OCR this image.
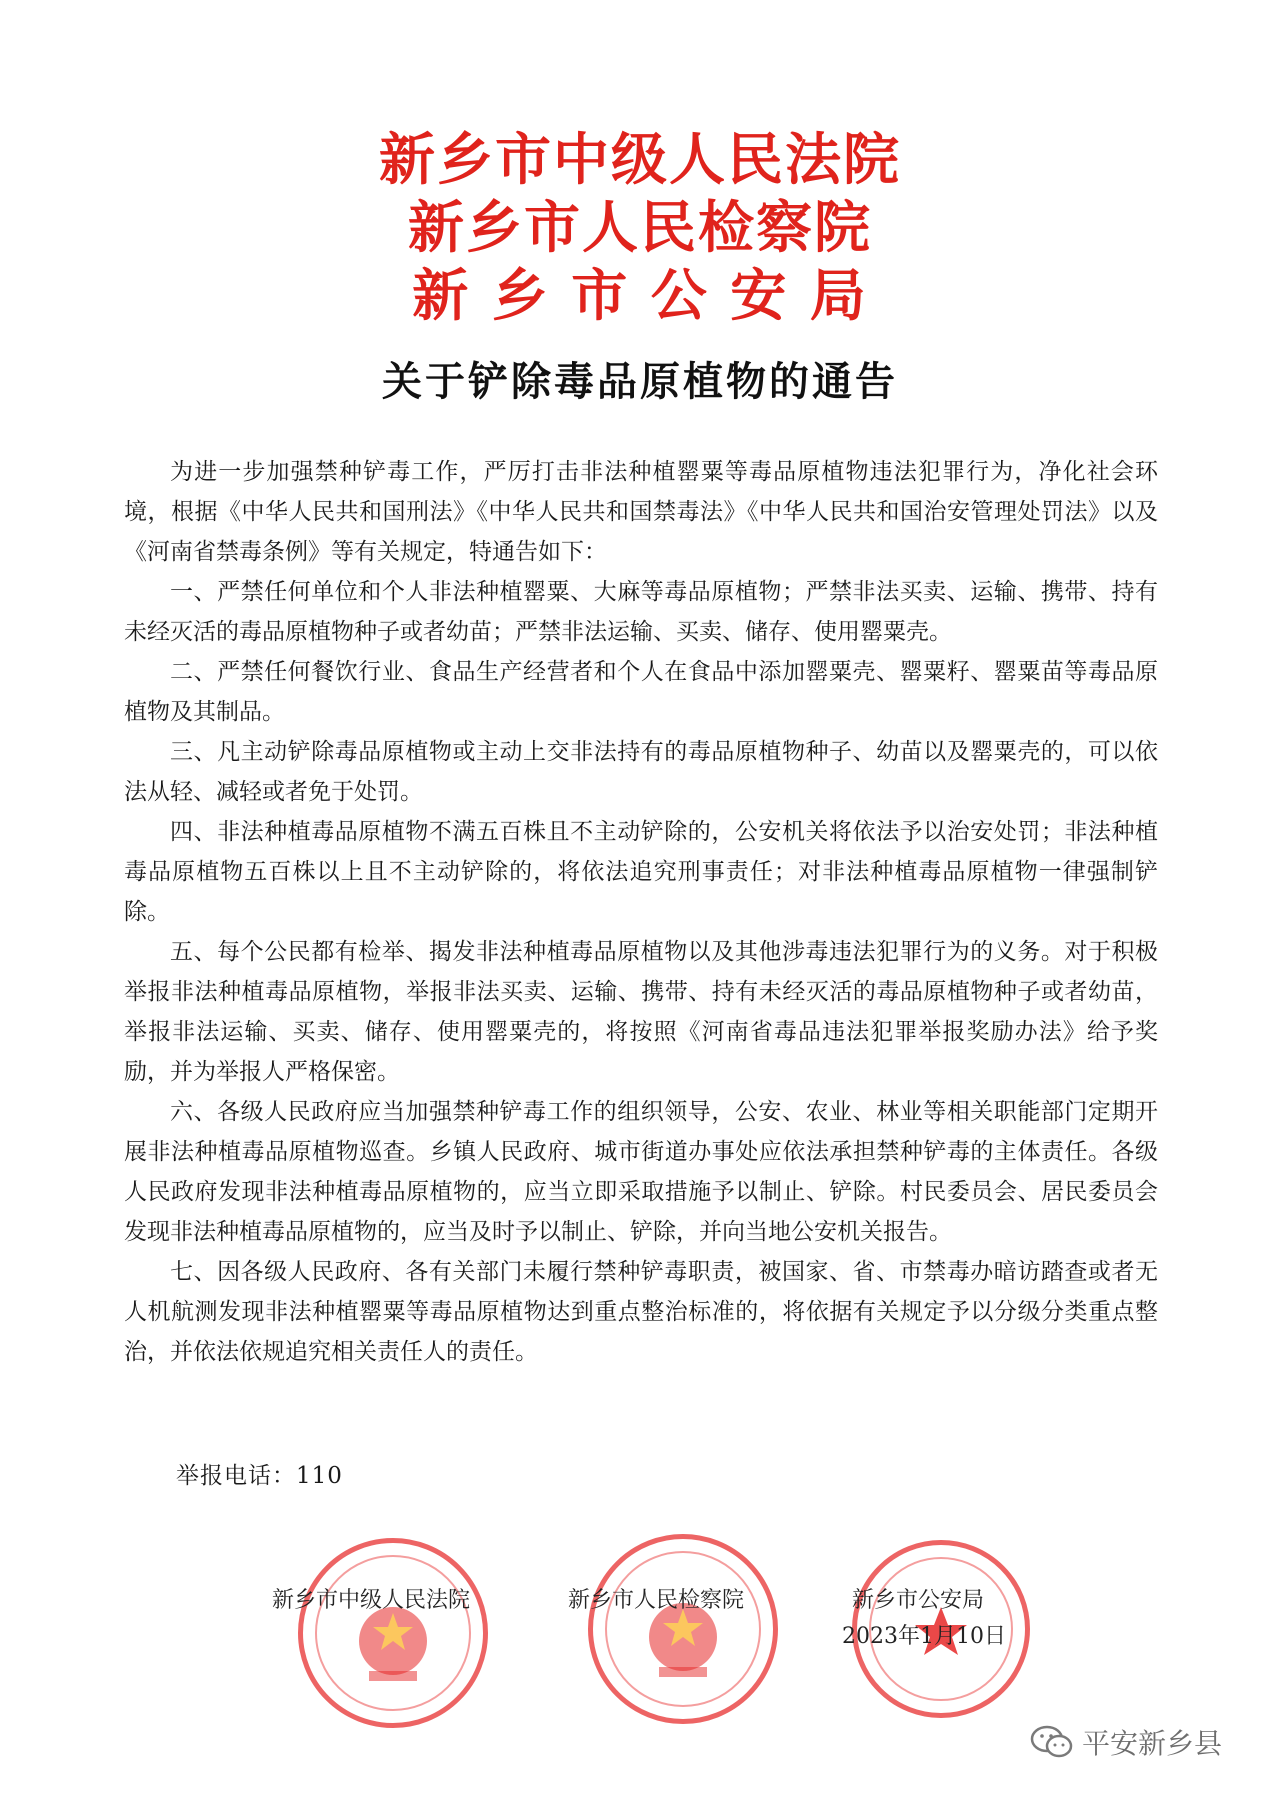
新乡市中级人民法院
新乡市人民检察院
新 乡 市 公 安 局
关于铲除毒品原植物的通告

为进一步加强禁种铲毒工作，严厉打击非法种植罂粟等毒品原植物违法犯罪行为，净化社会环境，根据《中华人民共和国刑法》《中华人民共和国禁毒法》《中华人民共和国治安管理处罚法》以及《河南省禁毒条例》等有关规定，特通告如下：

一、严禁任何单位和个人非法种植罂粟、大麻等毒品原植物；严禁非法买卖、运输、携带、持有未经灭活的毒品原植物种子或者幼苗；严禁非法运输、买卖、储存、使用罂粟壳。

二、严禁任何餐饮行业、食品生产经营者和个人在食品中添加罂粟壳、罂粟籽、罂粟苗等毒品原植物及其制品。

三、凡主动铲除毒品原植物或主动上交非法持有的毒品原植物种子、幼苗以及罂粟壳的，可以依法从轻、减轻或者免于处罚。

四、非法种植毒品原植物不满五百株且不主动铲除的，公安机关将依法予以治安处罚；非法种植毒品原植物五百株以上且不主动铲除的，将依法追究刑事责任；对非法种植毒品原植物一律强制铲除。

五、每个公民都有检举、揭发非法种植毒品原植物以及其他涉毒违法犯罪行为的义务。对于积极举报非法种植毒品原植物，举报非法买卖、运输、携带、持有未经灭活的毒品原植物种子或者幼苗，举报非法运输、买卖、储存、使用罂粟壳的，将按照《河南省毒品违法犯罪举报奖励办法》给予奖励，并为举报人严格保密。

六、各级人民政府应当加强禁种铲毒工作的组织领导，公安、农业、林业等相关职能部门定期开展非法种植毒品原植物巡查。乡镇人民政府、城市街道办事处应依法承担禁种铲毒的主体责任。各级人民政府发现非法种植毒品原植物的，应当立即采取措施予以制止、铲除。村民委员会、居民委员会发现非法种植毒品原植物的，应当及时予以制止、铲除，并向当地公安机关报告。

七、因各级人民政府、各有关部门未履行禁种铲毒职责，被国家、省、市禁毒办暗访踏查或者无人机航测发现非法种植罂粟等毒品原植物达到重点整治标准的，将依据有关规定予以分级分类重点整治，并依法依规追究相关责任人的责任。

举报电话：110
新乡市中级人民法院	新乡市人民检察院	新乡市公安局
2023年1月10日
平安新乡县
